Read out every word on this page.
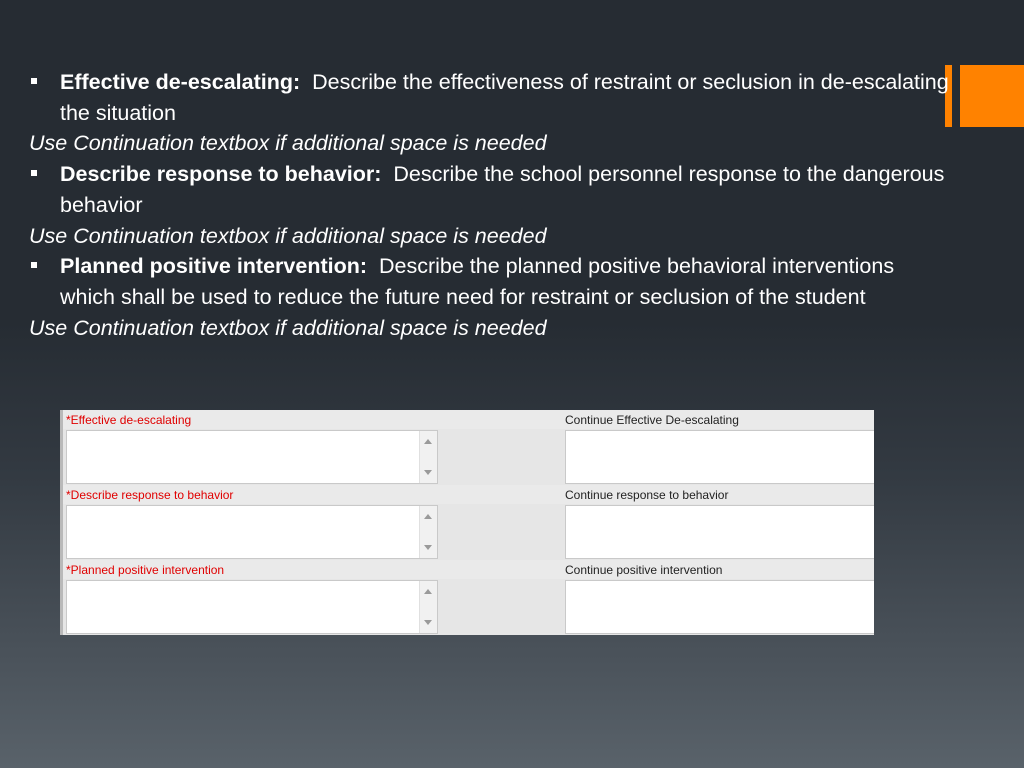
Effective de-escalating: Describe the effectiveness of restraint or seclusion in de-escalating the situation
Use Continuation textbox if additional space is needed
Describe response to behavior: Describe the school personnel response to the dangerous behavior
Use Continuation textbox if additional space is needed
Planned positive intervention: Describe the planned positive behavioral interventions which shall be used to reduce the future need for restraint or seclusion of the student
Use Continuation textbox if additional space is needed
*Effective de-escalating	Continue Effective De-escalating
*Describe response to behavior	Continue response to behavior
*Planned positive intervention	Continue positive intervention
